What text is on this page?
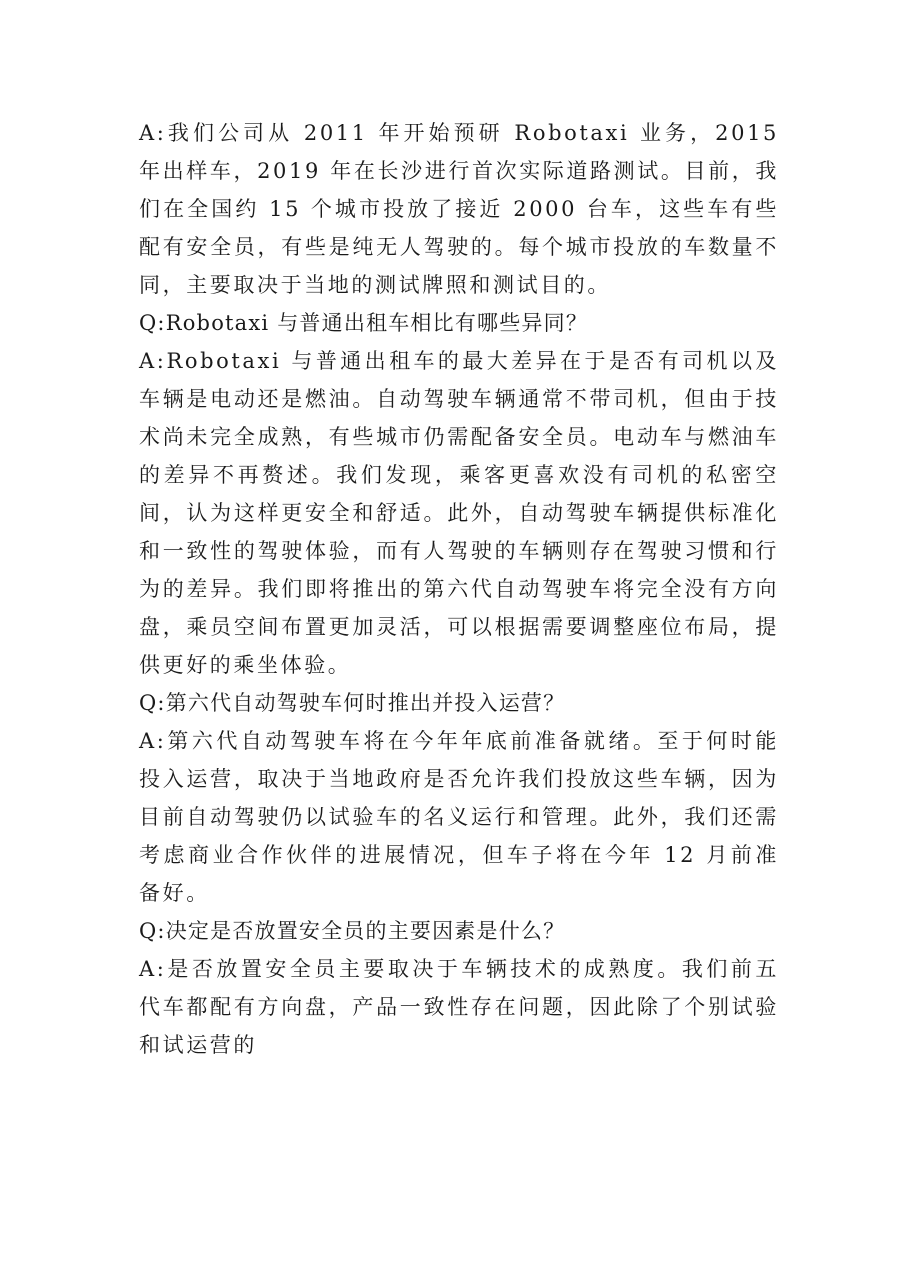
A:我们公司从 2011 年开始预研 Robotaxi 业务，2015 年出样车，2019 年在长沙进行首次实际道路测试。目前，我们在全国约 15 个城市投放了接近 2000 台车，这些车有些配有安全员，有些是纯无人驾驶的。每个城市投放的车数量不同，主要取决于当地的测试牌照和测试目的。

Q:Robotaxi 与普通出租车相比有哪些异同？

A:Robotaxi 与普通出租车的最大差异在于是否有司机以及车辆是电动还是燃油。自动驾驶车辆通常不带司机，但由于技术尚未完全成熟，有些城市仍需配备安全员。电动车与燃油车的差异不再赘述。我们发现，乘客更喜欢没有司机的私密空间，认为这样更安全和舒适。此外，自动驾驶车辆提供标准化和一致性的驾驶体验，而有人驾驶的车辆则存在驾驶习惯和行为的差异。我们即将推出的第六代自动驾驶车将完全没有方向盘，乘员空间布置更加灵活，可以根据需要调整座位布局，提供更好的乘坐体验。

Q:第六代自动驾驶车何时推出并投入运营？

A:第六代自动驾驶车将在今年年底前准备就绪。至于何时能投入运营，取决于当地政府是否允许我们投放这些车辆，因为目前自动驾驶仍以试验车的名义运行和管理。此外，我们还需考虑商业合作伙伴的进展情况，但车子将在今年 12 月前准备好。

Q:决定是否放置安全员的主要因素是什么？

A:是否放置安全员主要取决于车辆技术的成熟度。我们前五代车都配有方向盘，产品一致性存在问题，因此除了个别试验和试运营的
